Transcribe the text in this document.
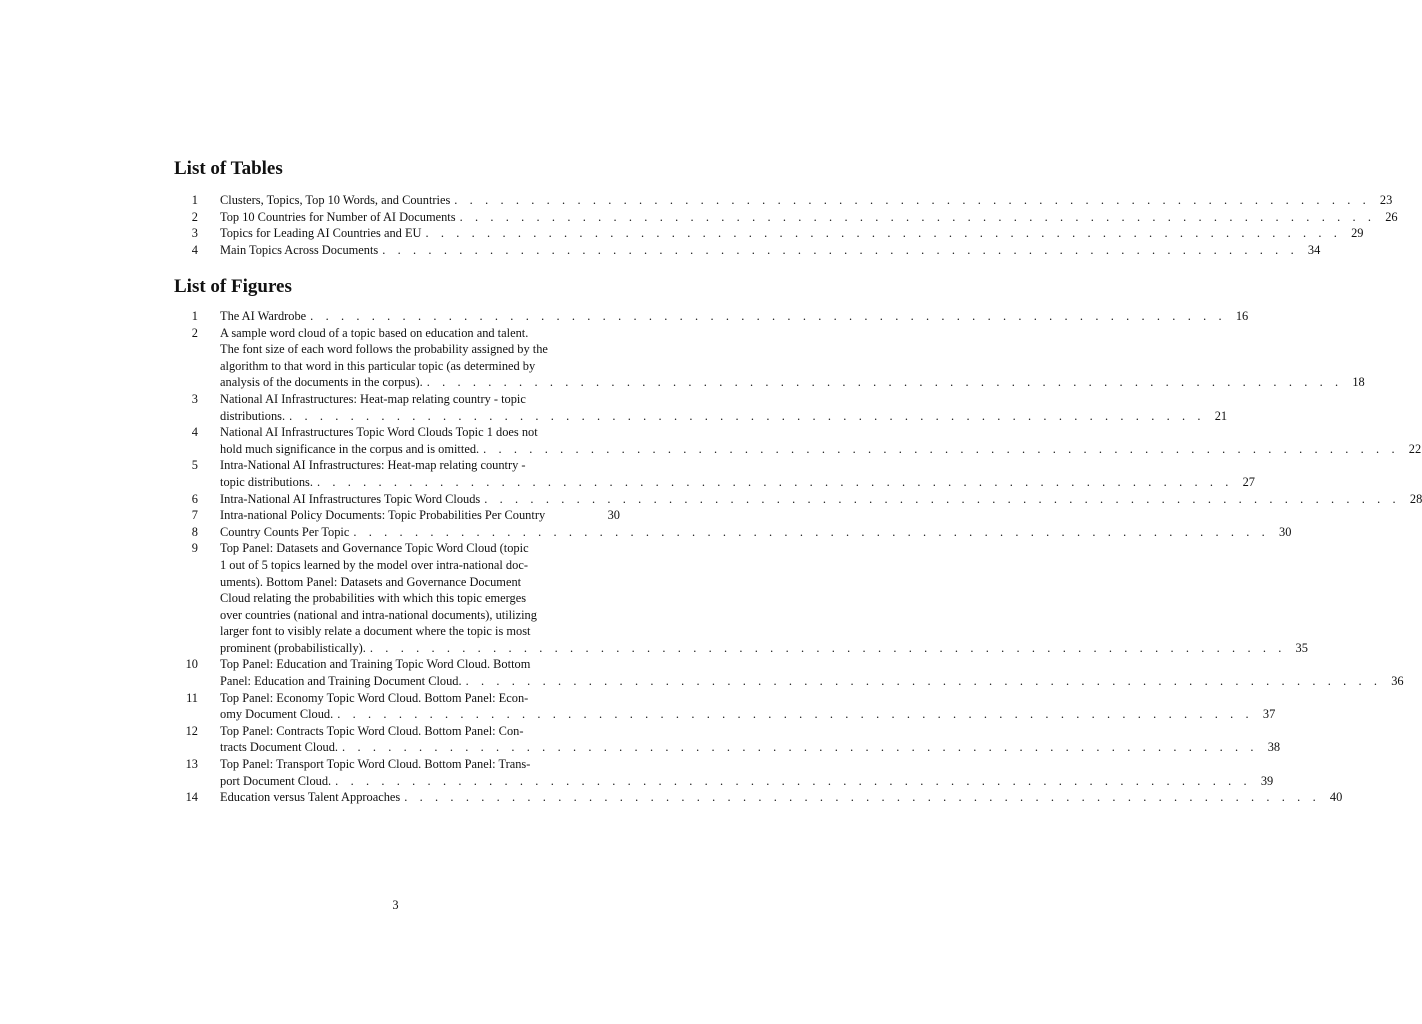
List of Tables
1 Clusters, Topics, Top 10 Words, and Countries . . . . . . . . . . . . . . . . . . . . . . . . . . . . . . . . . . . . . . . . . . . . . . . . . . . . . . . . . . . . 23
2 Top 10 Countries for Number of AI Documents . . . . . . . . . . . . . . . . . . . . . . . . . . . . . . . . . . . . . . . . . . . . . . . . . . . . . . . . . . . . 26
3 Topics for Leading AI Countries and EU . . . . . . . . . . . . . . . . . . . . . . . . . . . . . . . . . . . . . . . . . . . . . . . . . . . . . . . . . . . . 29
4 Main Topics Across Documents . . . . . . . . . . . . . . . . . . . . . . . . . . . . . . . . . . . . . . . . . . . . . . . . . . . . . . . . . . . . 34
List of Figures
1 The AI Wardrobe . . . . . . . . . . . . . . . . . . . . . . . . . . . . . . . . . . . . . . . . . . . . . . . . . . . . . . . . . . . . 16
2 A sample word cloud of a topic based on education and talent.
The font size of each word follows the probability assigned by the
algorithm to that word in this particular topic (as determined by
analysis of the documents in the corpus). . . . . . . . . . . . . . . . . . . . . . . . . . . . . . . . . . . . . . . . . . . . . . . . . . . . . . . . . . . . . 18
3 National AI Infrastructures: Heat-map relating country - topic
distributions. . . . . . . . . . . . . . . . . . . . . . . . . . . . . . . . . . . . . . . . . . . . . . . . . . . . . . . . . . . . . 21
4 National AI Infrastructures Topic Word Clouds Topic 1 does not
hold much significance in the corpus and is omitted. . . . . . . . . . . . . . . . . . . . . . . . . . . . . . . . . . . . . . . . . . . . . . . . . . . . . . . . . . . . . 22
5 Intra-National AI Infrastructures: Heat-map relating country -
topic distributions. . . . . . . . . . . . . . . . . . . . . . . . . . . . . . . . . . . . . . . . . . . . . . . . . . . . . . . . . . . . . 27
6 Intra-National AI Infrastructures Topic Word Clouds . . . . . . . . . . . . . . . . . . . . . . . . . . . . . . . . . . . . . . . . . . . . . . . . . . . . . . . . . . . . 28
7 Intra-national Policy Documents: Topic Probabilities Per Country	30
8 Country Counts Per Topic . . . . . . . . . . . . . . . . . . . . . . . . . . . . . . . . . . . . . . . . . . . . . . . . . . . . . . . . . . . . 30
9 Top Panel: Datasets and Governance Topic Word Cloud (topic
1 out of 5 topics learned by the model over intra-national doc-
uments). Bottom Panel: Datasets and Governance Document
Cloud relating the probabilities with which this topic emerges
over countries (national and intra-national documents), utilizing
larger font to visibly relate a document where the topic is most
prominent (probabilistically). . . . . . . . . . . . . . . . . . . . . . . . . . . . . . . . . . . . . . . . . . . . . . . . . . . . . . . . . . . . . 35
10 Top Panel: Education and Training Topic Word Cloud. Bottom
Panel: Education and Training Document Cloud. . . . . . . . . . . . . . . . . . . . . . . . . . . . . . . . . . . . . . . . . . . . . . . . . . . . . . . . . . . . . 36
11 Top Panel: Economy Topic Word Cloud. Bottom Panel: Econ-
omy Document Cloud. . . . . . . . . . . . . . . . . . . . . . . . . . . . . . . . . . . . . . . . . . . . . . . . . . . . . . . . . . . . . 37
12 Top Panel: Contracts Topic Word Cloud. Bottom Panel: Con-
tracts Document Cloud. . . . . . . . . . . . . . . . . . . . . . . . . . . . . . . . . . . . . . . . . . . . . . . . . . . . . . . . . . . . . 38
13 Top Panel: Transport Topic Word Cloud. Bottom Panel: Trans-
port Document Cloud. . . . . . . . . . . . . . . . . . . . . . . . . . . . . . . . . . . . . . . . . . . . . . . . . . . . . . . . . . . . . 39
14 Education versus Talent Approaches . . . . . . . . . . . . . . . . . . . . . . . . . . . . . . . . . . . . . . . . . . . . . . . . . . . . . . . . . . . . 40
3
